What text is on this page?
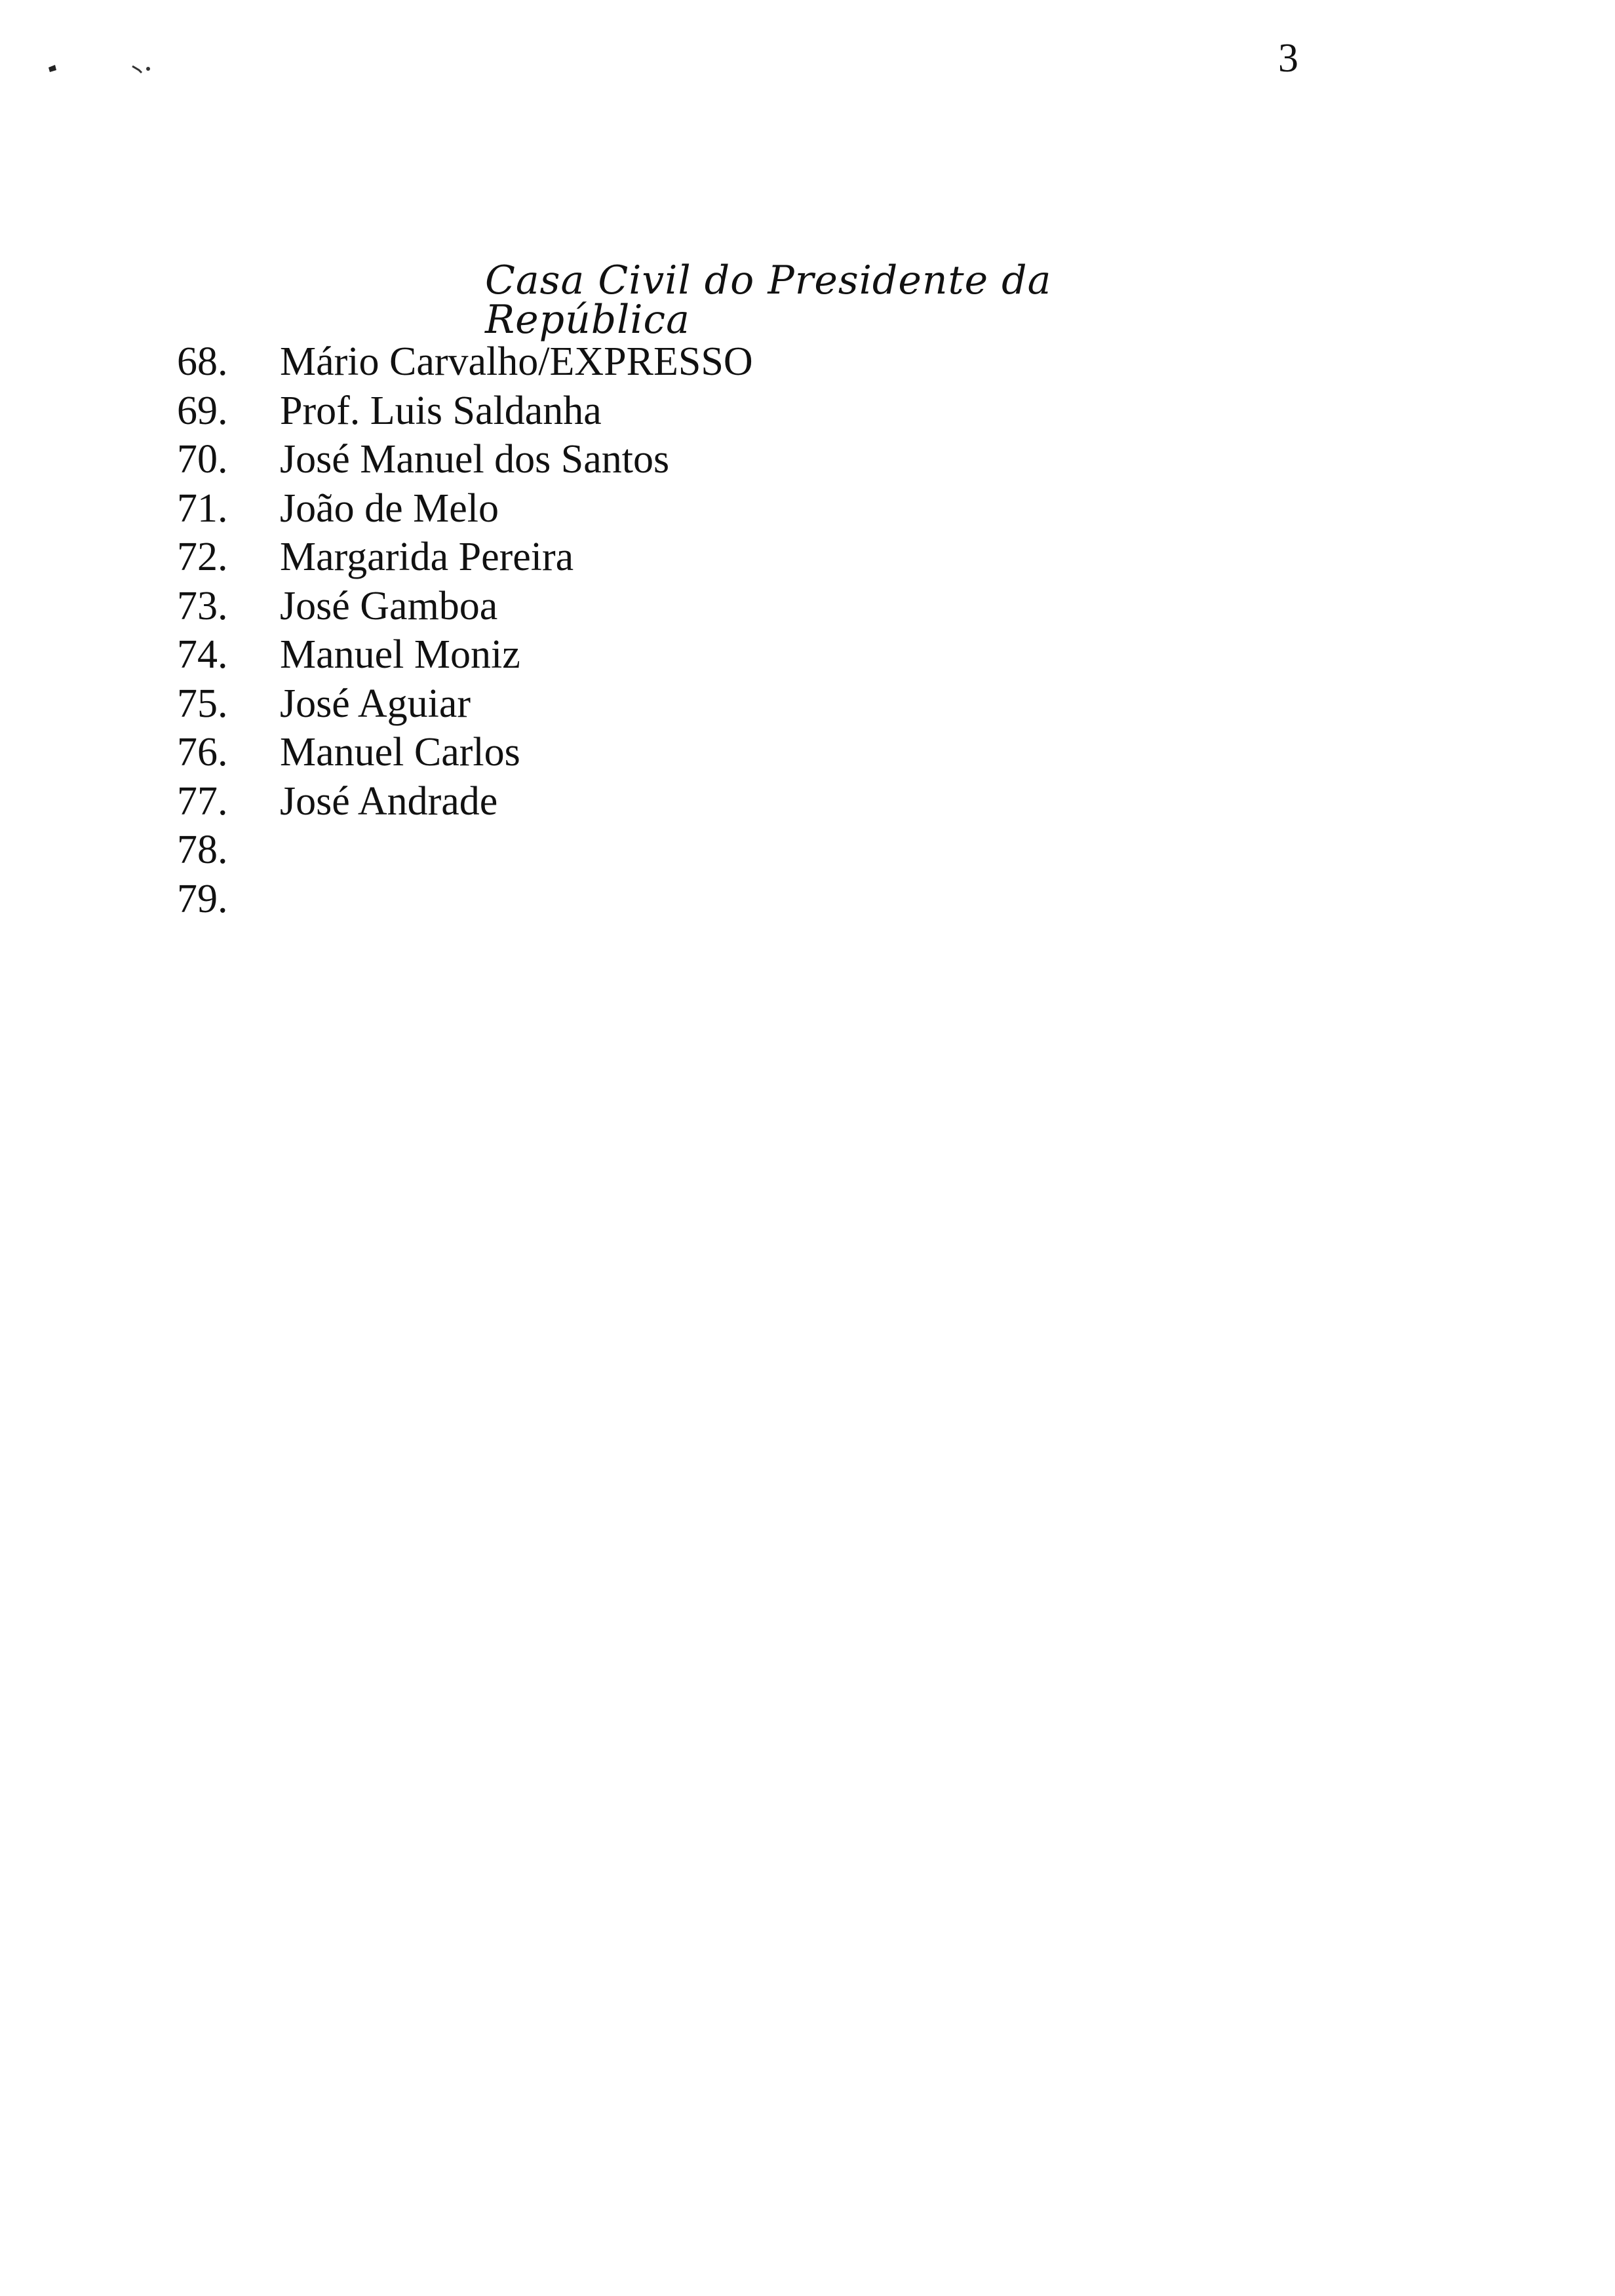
3
Casa Civil do Presidente da República
68.	Mário Carvalho/EXPRESSO
69.	Prof. Luis Saldanha
70.	José Manuel dos Santos
71.	João de Melo
72.	Margarida Pereira
73.	José Gamboa
74.	Manuel Moniz
75.	José Aguiar
76.	Manuel Carlos
77.	José Andrade
78.
79.
